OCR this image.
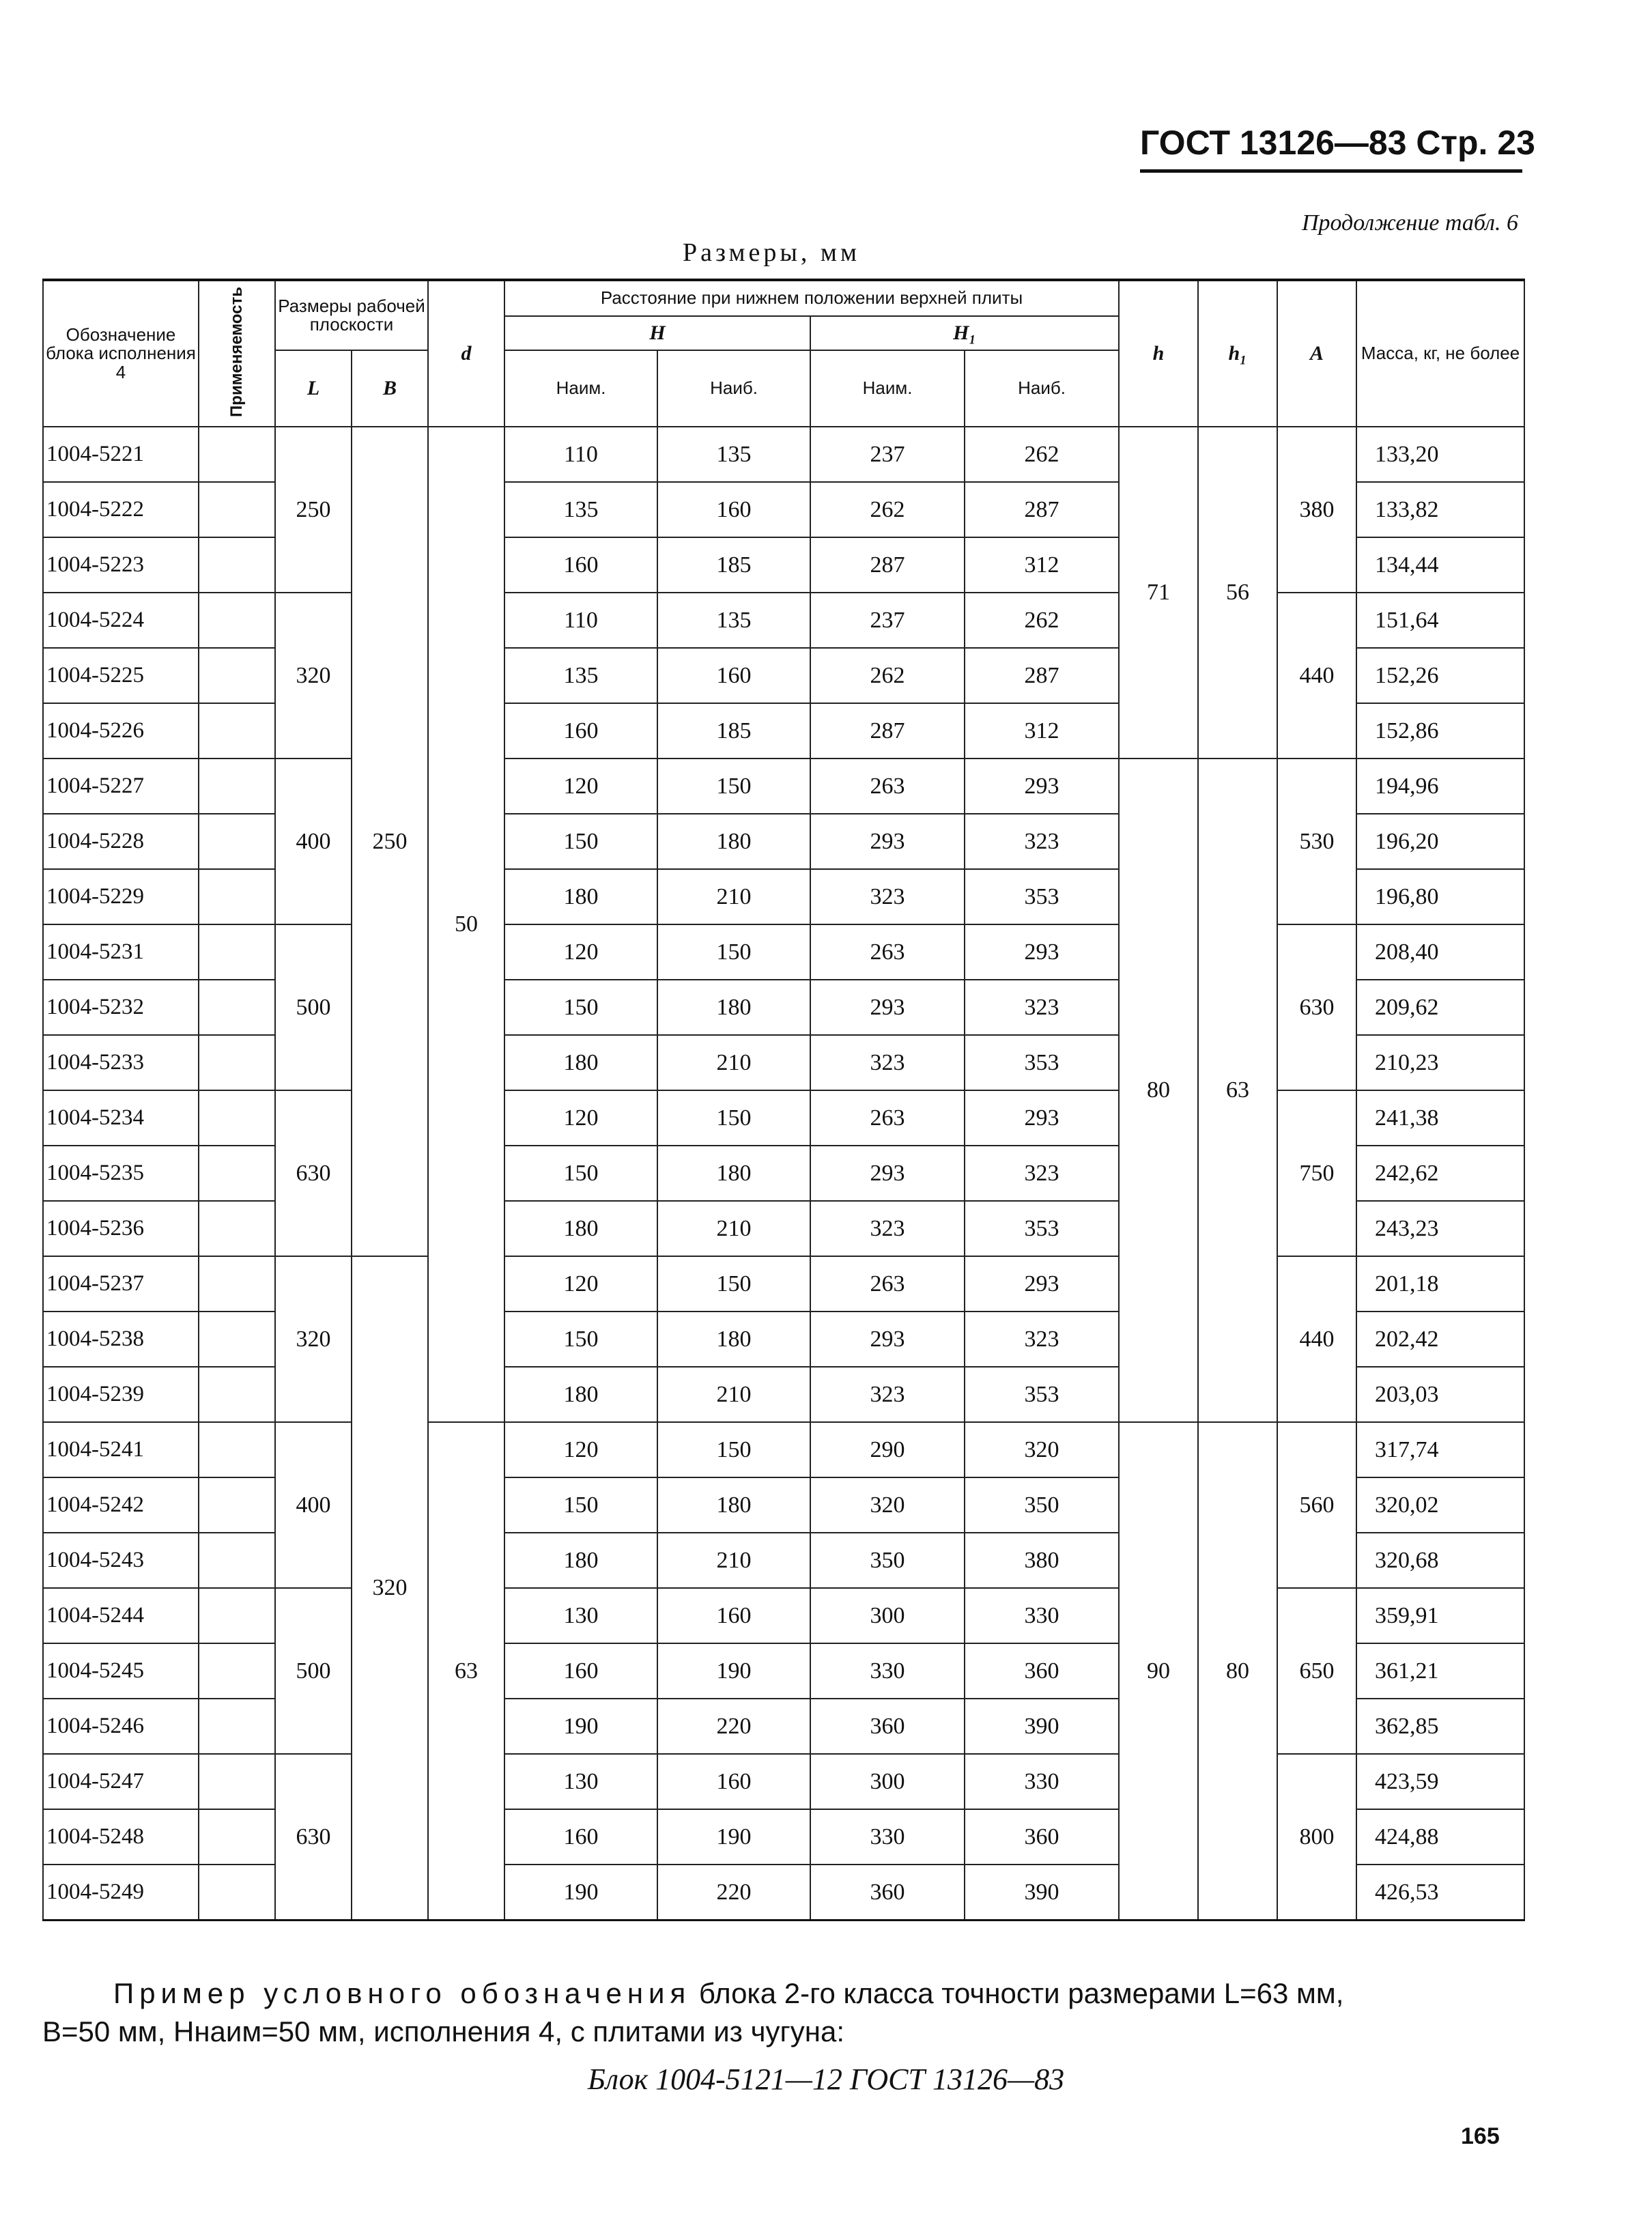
ГОСТ 13126—83 Стр. 23
Продолжение табл. 6
Размеры, мм
Обозначение блока исполнения 4	Применяемость	Размеры рабочей плоскости		d	Расстояние при нижнем положении верхней плиты				h	h₁	A	Масса, кг, не более
					H		H₁					
		L	B		Наим.	Наиб.	Наим.	Наиб.				
1004-5221		250	250	50	110	135	237	262	71	56	380	133,20
1004-5222					135	160	262	287				133,82
1004-5223					160	185	287	312				134,44
1004-5224		320			110	135	237	262			440	151,64
1004-5225					135	160	262	287				152,26
1004-5226					160	185	287	312				152,86
1004-5227		400			120	150	263	293	80	63	530	194,96
1004-5228					150	180	293	323				196,20
1004-5229					180	210	323	353				196,80
1004-5231		500			120	150	263	293			630	208,40
1004-5232					150	180	293	323				209,62
1004-5233					180	210	323	353				210,23
1004-5234		630			120	150	263	293			750	241,38
1004-5235					150	180	293	323				242,62
1004-5236					180	210	323	353				243,23
1004-5237		320	320		120	150	263	293			440	201,18
1004-5238					150	180	293	323				202,42
1004-5239					180	210	323	353				203,03
1004-5241		400		63	120	150	290	320	90	80	560	317,74
1004-5242					150	180	320	350				320,02
1004-5243					180	210	350	380				320,68
1004-5244		500			130	160	300	330			650	359,91
1004-5245					160	190	330	360				361,21
1004-5246					190	220	360	390				362,85
1004-5247		630			130	160	300	330			800	423,59
1004-5248					160	190	330	360				424,88
1004-5249					190	220	360	390				426,53
Пример условного обозначения блока 2-го класса точности размерами L=63 мм,
B=50 мм, Hнаим=50 мм, исполнения 4, с плитами из чугуна:
Блок 1004-5121—12 ГОСТ 13126—83
165
